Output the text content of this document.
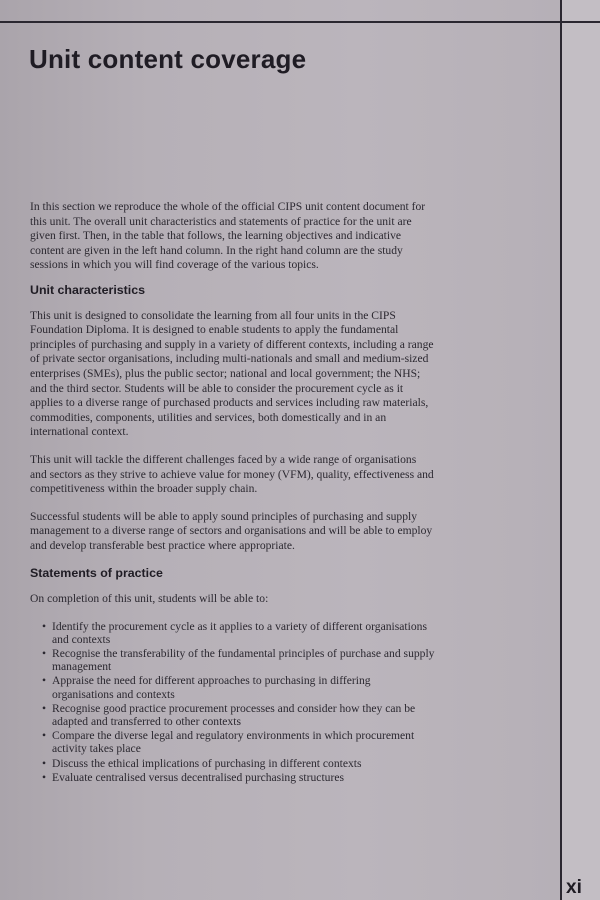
Unit content coverage

In this section we reproduce the whole of the official CIPS unit content document for this unit. The overall unit characteristics and statements of practice for the unit are given first. Then, in the table that follows, the learning objectives and indicative content are given in the left hand column. In the right hand column are the study sessions in which you will find coverage of the various topics.

Unit characteristics

This unit is designed to consolidate the learning from all four units in the CIPS Foundation Diploma. It is designed to enable students to apply the fundamental principles of purchasing and supply in a variety of different contexts, including a range of private sector organisations, including multi-nationals and small and medium-sized enterprises (SMEs), plus the public sector; national and local government; the NHS; and the third sector. Students will be able to consider the procurement cycle as it applies to a diverse range of purchased products and services including raw materials, commodities, components, utilities and services, both domestically and in an international context.

This unit will tackle the different challenges faced by a wide range of organisations and sectors as they strive to achieve value for money (VFM), quality, effectiveness and competitiveness within the broader supply chain.

Successful students will be able to apply sound principles of purchasing and supply management to a diverse range of sectors and organisations and will be able to employ and develop transferable best practice where appropriate.

Statements of practice

On completion of this unit, students will be able to:

• Identify the procurement cycle as it applies to a variety of different organisations and contexts
• Recognise the transferability of the fundamental principles of purchase and supply management
• Appraise the need for different approaches to purchasing in differing organisations and contexts
• Recognise good practice procurement processes and consider how they can be adapted and transferred to other contexts
• Compare the diverse legal and regulatory environments in which procurement activity takes place
• Discuss the ethical implications of purchasing in different contexts
• Evaluate centralised versus decentralised purchasing structures
xi
